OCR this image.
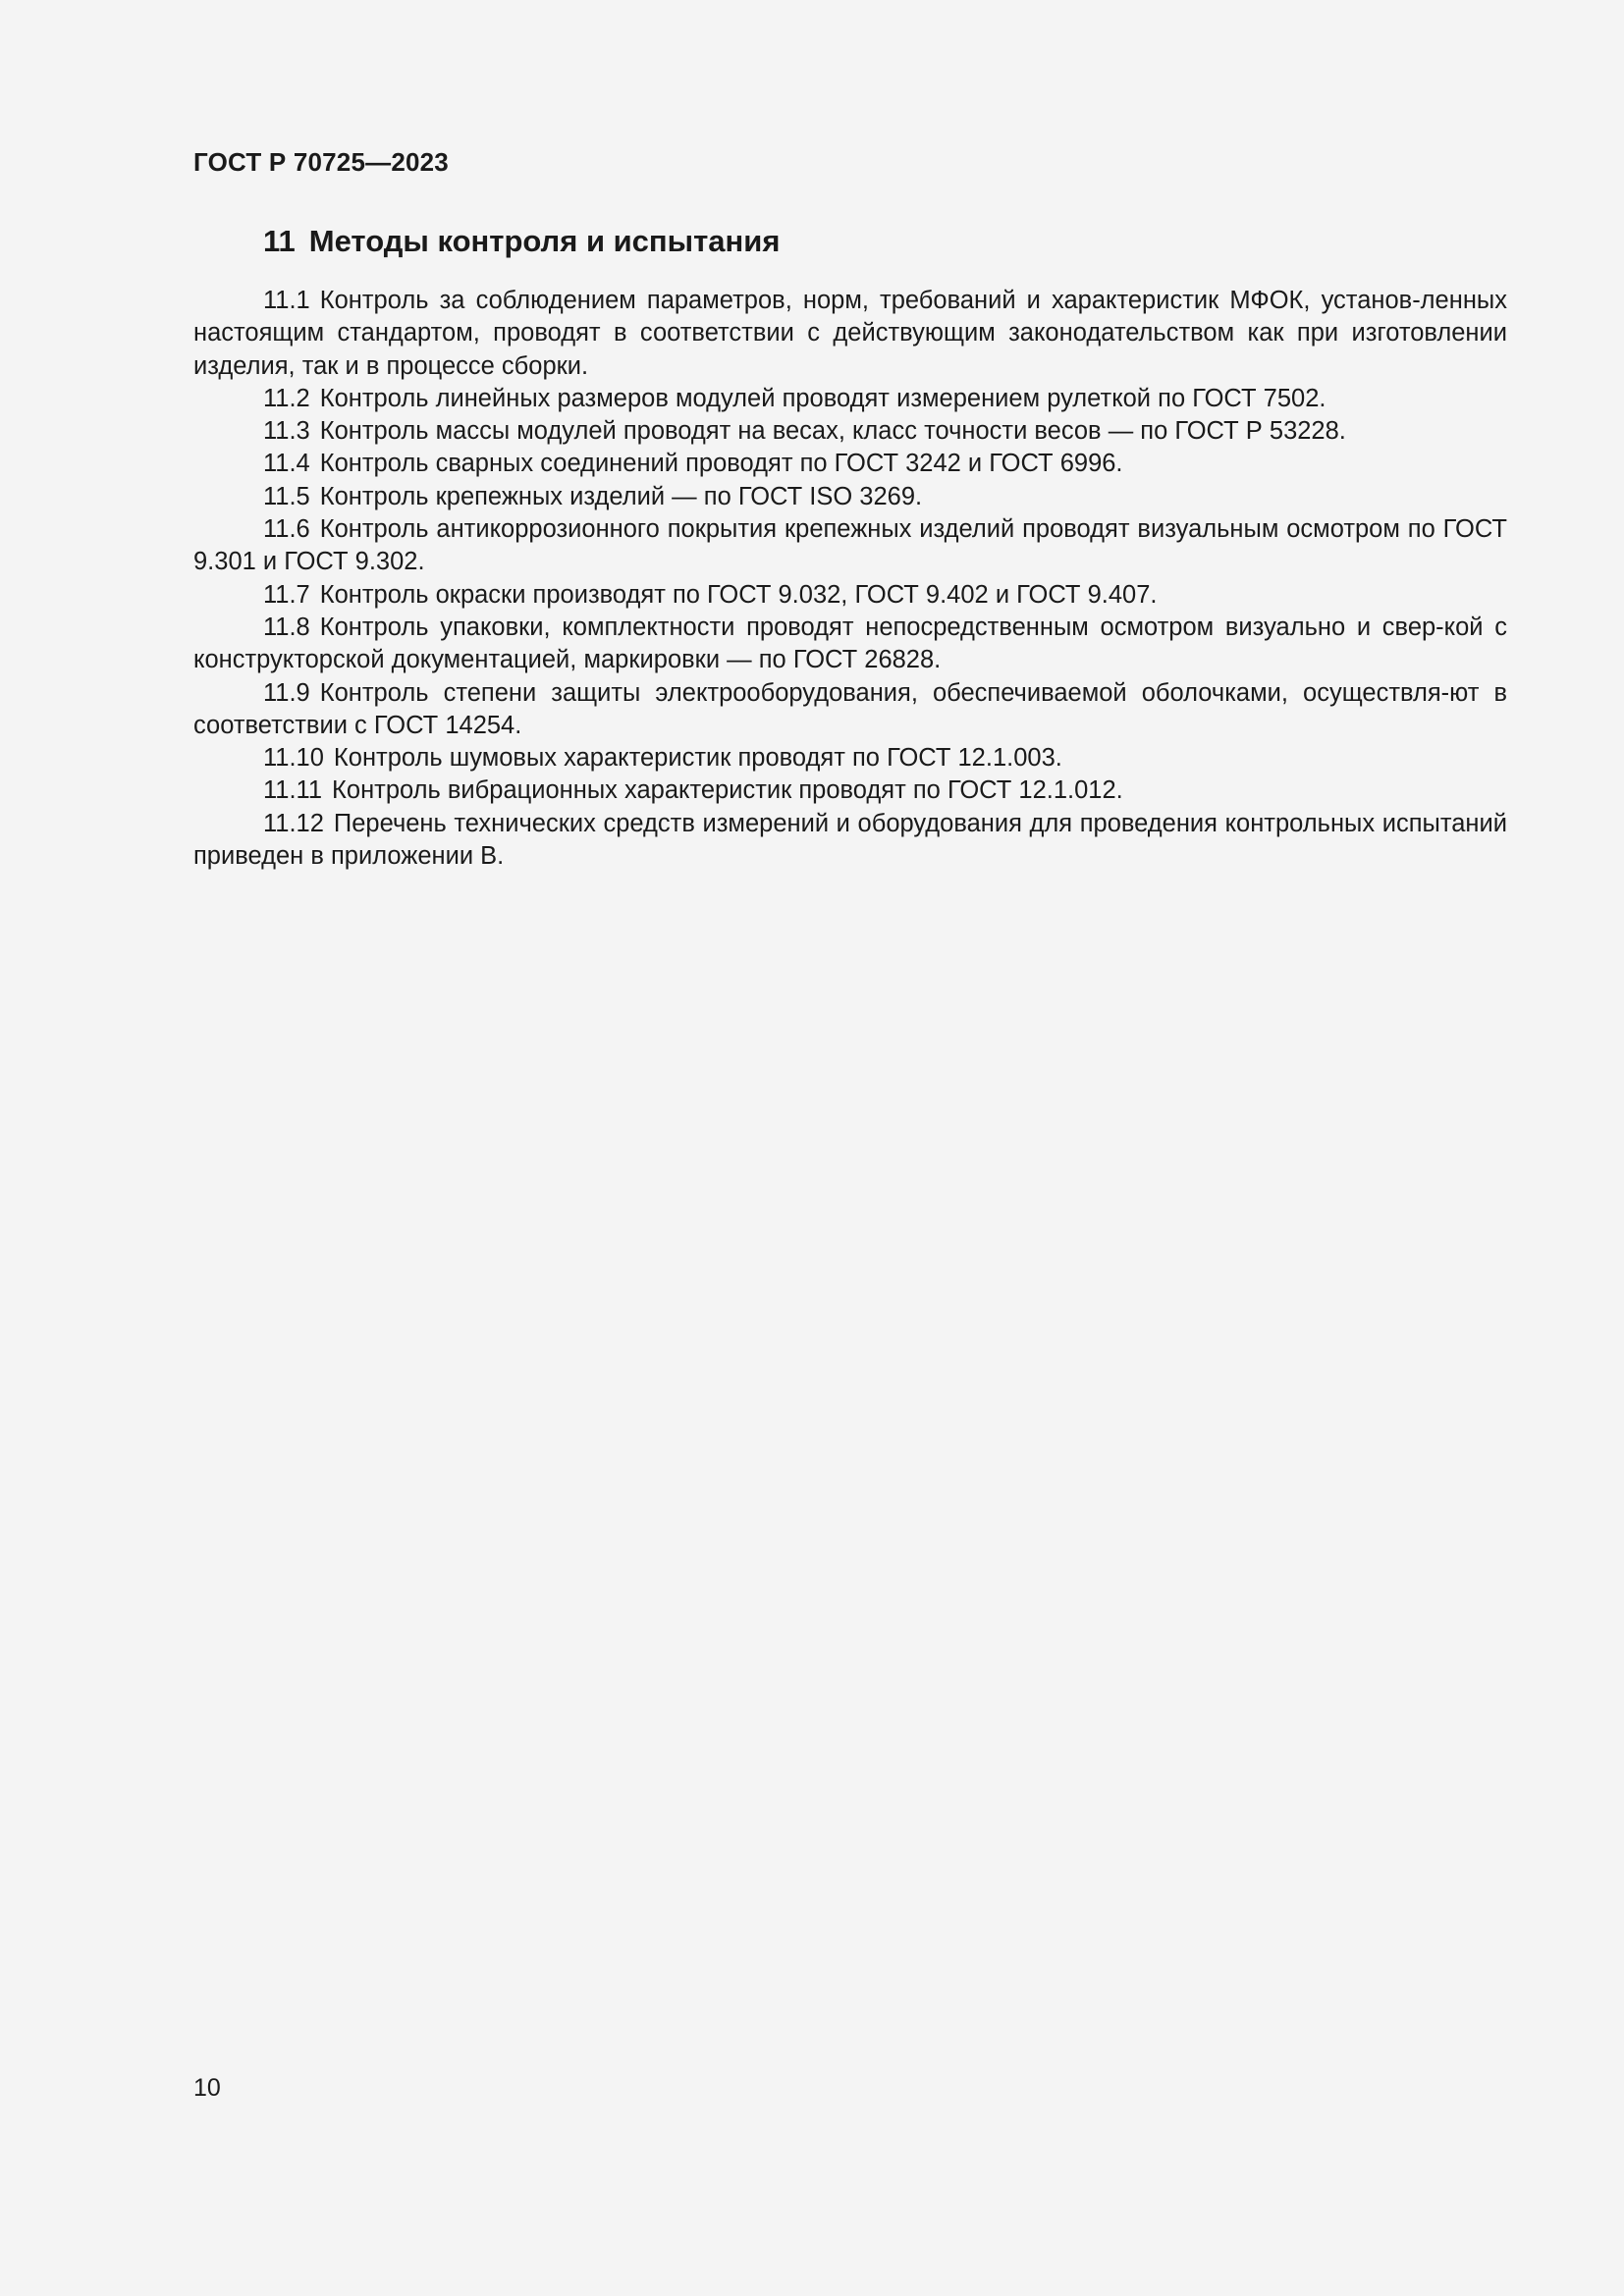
ГОСТ Р 70725—2023
11 Методы контроля и испытания

11.1 Контроль за соблюдением параметров, норм, требований и характеристик МФОК, установ-ленных настоящим стандартом, проводят в соответствии с действующим законодательством как при изготовлении изделия, так и в процессе сборки.

11.2 Контроль линейных размеров модулей проводят измерением рулеткой по ГОСТ 7502.

11.3 Контроль массы модулей проводят на весах, класс точности весов — по ГОСТ Р 53228.

11.4 Контроль сварных соединений проводят по ГОСТ 3242 и ГОСТ 6996.

11.5 Контроль крепежных изделий — по ГОСТ ISO 3269.

11.6 Контроль антикоррозионного покрытия крепежных изделий проводят визуальным осмотром по ГОСТ 9.301 и ГОСТ 9.302.

11.7 Контроль окраски производят по ГОСТ 9.032, ГОСТ 9.402 и ГОСТ 9.407.

11.8 Контроль упаковки, комплектности проводят непосредственным осмотром визуально и свер-кой с конструкторской документацией, маркировки — по ГОСТ 26828.

11.9 Контроль степени защиты электрооборудования, обеспечиваемой оболочками, осуществля-ют в соответствии с ГОСТ 14254.

11.10 Контроль шумовых характеристик проводят по ГОСТ 12.1.003.

11.11 Контроль вибрационных характеристик проводят по ГОСТ 12.1.012.

11.12 Перечень технических средств измерений и оборудования для проведения контрольных испытаний приведен в приложении В.

10
